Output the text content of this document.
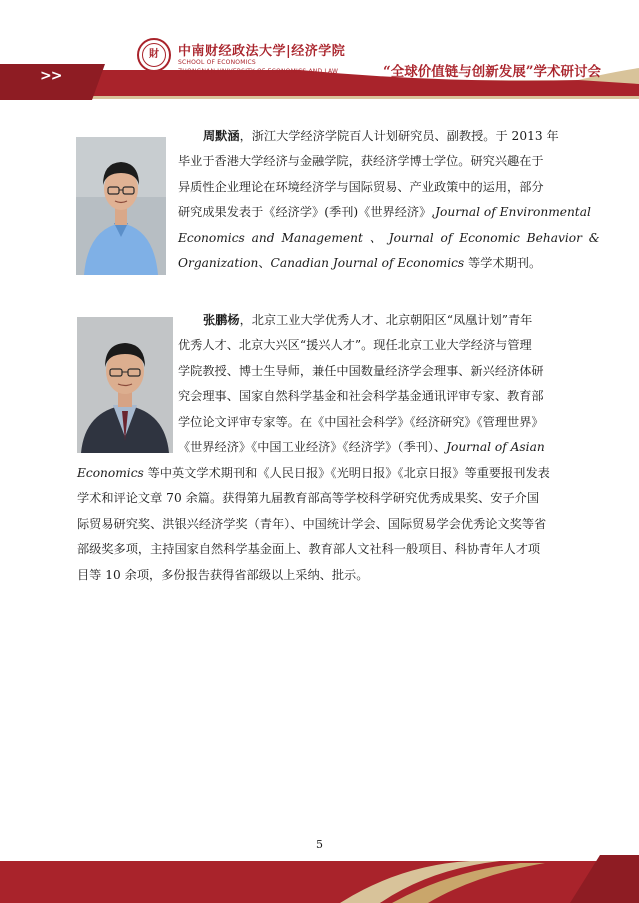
>>
財	中南财经政法大学|经济学院
SCHOOL OF ECONOMICS
ZHONGNAN UNIVERSITY OF ECONOMICS AND LAW	“全球价值链与创新发展”学术研讨会
周默涵，浙江大学经济学院百人计划研究员、副教授。于 2013 年
毕业于香港大学经济与金融学院，获经济学博士学位。研究兴趣在于
异质性企业理论在环境经济学与国际贸易、产业政策中的运用，部分
研究成果发表于《经济学》(季刊)《世界经济》,Journal of Environmental
Economics and Management 、 Journal of Economic Behavior &
Organization、Canadian Journal of Economics 等学术期刊。
张鹏杨，北京工业大学优秀人才、北京朝阳区“凤凰计划”青年
优秀人才、北京大兴区“援兴人才”。现任北京工业大学经济与管理
学院教授、博士生导师，兼任中国数量经济学会理事、新兴经济体研
究会理事、国家自然科学基金和社会科学基金通讯评审专家、教育部
学位论文评审专家等。在《中国社会科学》《经济研究》《管理世界》
《世界经济》《中国工业经济》《经济学》（季刊）、Journal of Asian
Economics 等中英文学术期刊和《人民日报》《光明日报》《北京日报》等重要报刊发表
学术和评论文章 70 余篇。获得第九届教育部高等学校科学研究优秀成果奖、安子介国
际贸易研究奖、洪银兴经济学奖（青年）、中国统计学会、国际贸易学会优秀论文奖等省
部级奖多项，主持国家自然科学基金面上、教育部人文社科一般项目、科协青年人才项
目等 10 余项，多份报告获得省部级以上采纳、批示。
5
